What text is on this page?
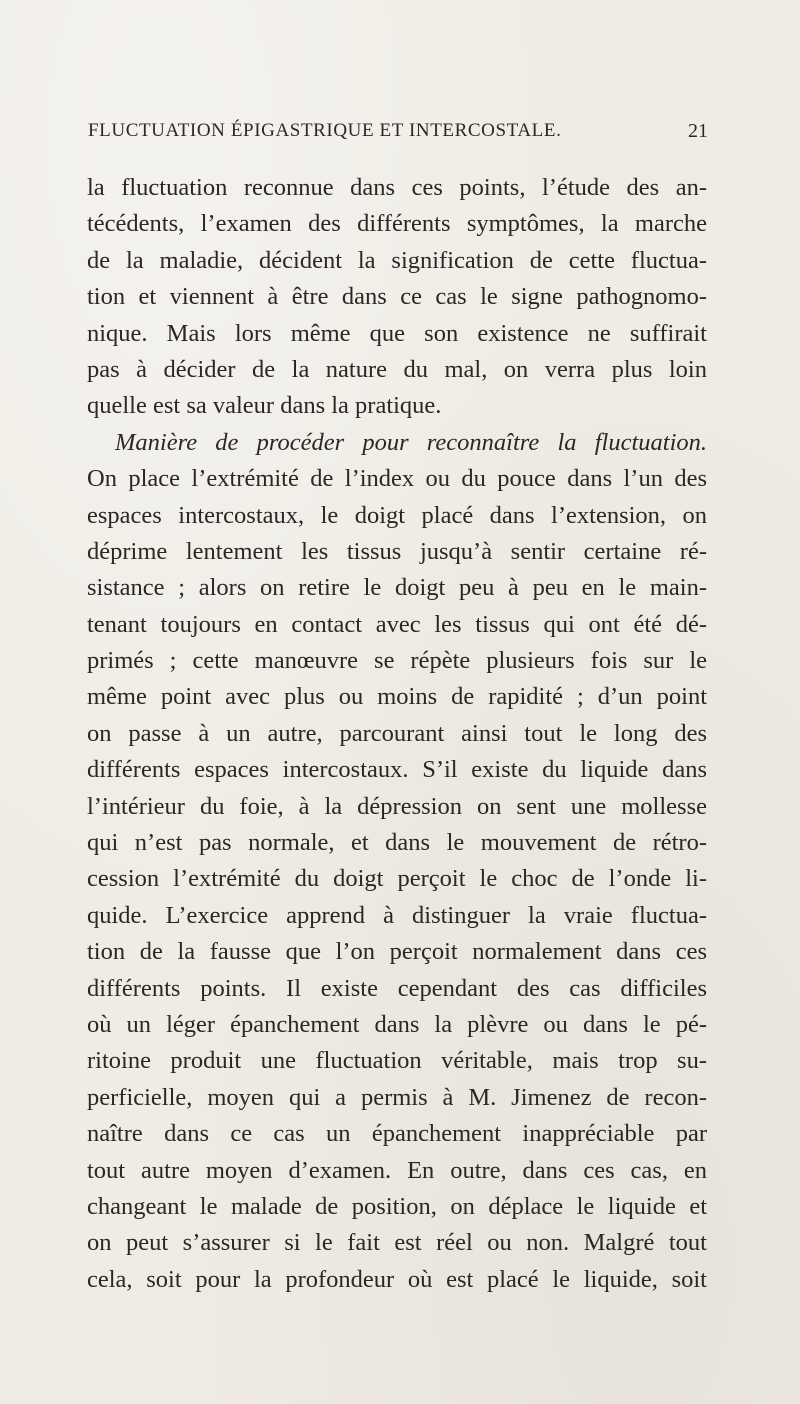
FLUCTUATION ÉPIGASTRIQUE ET INTERCOSTALE.	21
la fluctuation reconnue dans ces points, l’étude des an-
técédents, l’examen des différents symptômes, la marche
de la maladie, décident la signification de cette fluctua-
tion et viennent à être dans ce cas le signe pathognomo-
nique. Mais lors même que son existence ne suffirait
pas à décider de la nature du mal, on verra plus loin
quelle est sa valeur dans la pratique.
Manière de procéder pour reconnaître la fluctuation.
On place l’extrémité de l’index ou du pouce dans l’un des
espaces intercostaux, le doigt placé dans l’extension, on
déprime lentement les tissus jusqu’à sentir certaine ré-
sistance ; alors on retire le doigt peu à peu en le main-
tenant toujours en contact avec les tissus qui ont été dé-
primés ; cette manœuvre se répète plusieurs fois sur le
même point avec plus ou moins de rapidité ; d’un point
on passe à un autre, parcourant ainsi tout le long des
différents espaces intercostaux. S’il existe du liquide dans
l’intérieur du foie, à la dépression on sent une mollesse
qui n’est pas normale, et dans le mouvement de rétro-
cession l’extrémité du doigt perçoit le choc de l’onde li-
quide. L’exercice apprend à distinguer la vraie fluctua-
tion de la fausse que l’on perçoit normalement dans ces
différents points. Il existe cependant des cas difficiles
où un léger épanchement dans la plèvre ou dans le pé-
ritoine produit une fluctuation véritable, mais trop su-
perficielle, moyen qui a permis à M. Jimenez de recon-
naître dans ce cas un épanchement inappréciable par
tout autre moyen d’examen. En outre, dans ces cas, en
changeant le malade de position, on déplace le liquide et
on peut s’assurer si le fait est réel ou non. Malgré tout
cela, soit pour la profondeur où est placé le liquide, soit
